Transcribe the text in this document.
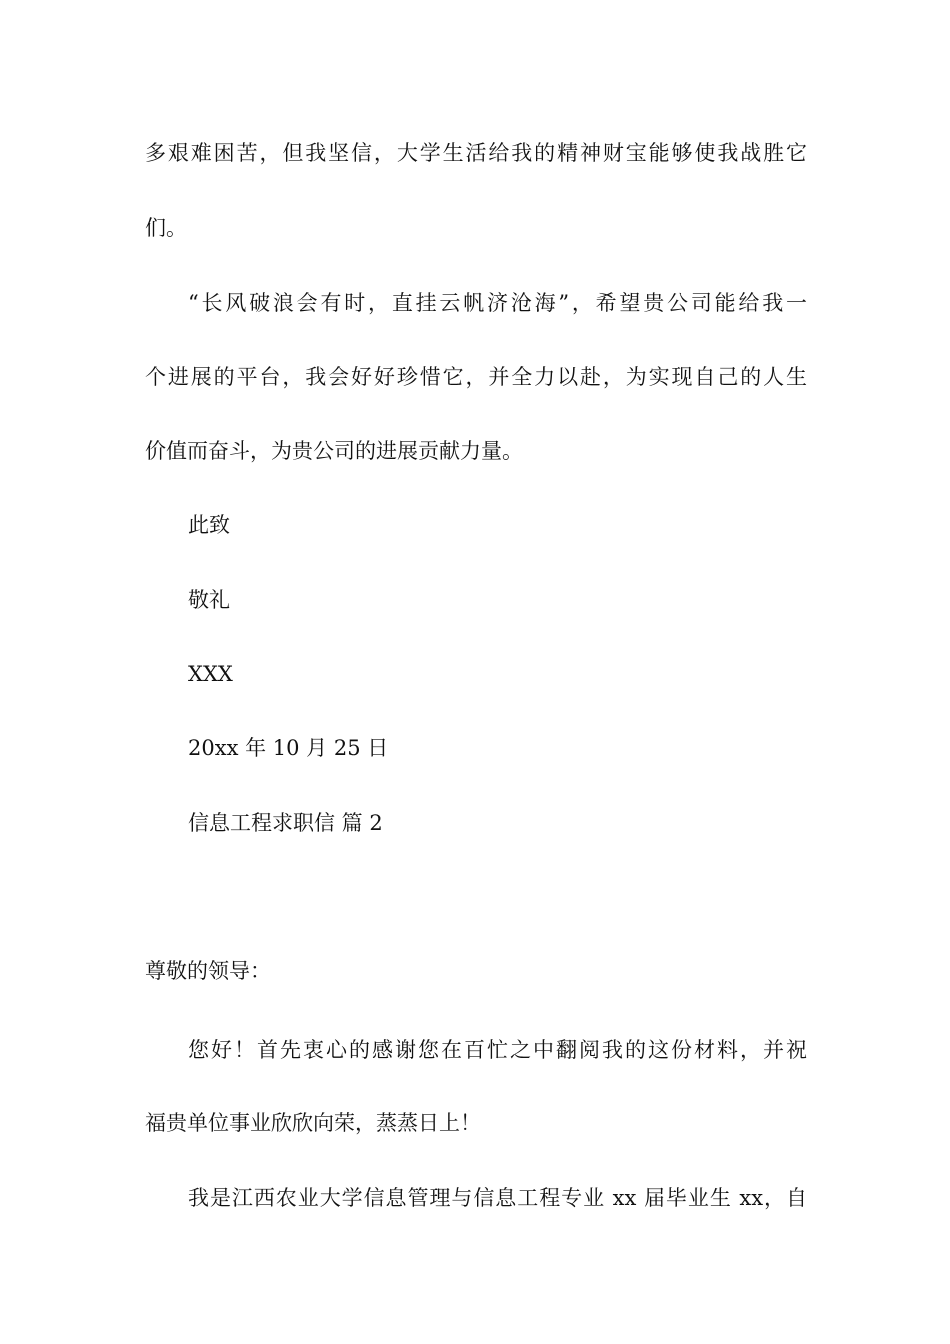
多艰难困苦，但我坚信，大学生活给我的精神财宝能够使我战胜它
们。
“长风破浪会有时，直挂云帆济沧海”，希望贵公司能给我一
个进展的平台，我会好好珍惜它，并全力以赴，为实现自己的人生
价值而奋斗，为贵公司的进展贡献力量。
此致
敬礼
XXX
20xx 年 10 月 25 日
信息工程求职信 篇 2
尊敬的领导：
您好！首先衷心的感谢您在百忙之中翻阅我的这份材料，并祝
福贵单位事业欣欣向荣，蒸蒸日上！
我是江西农业大学信息管理与信息工程专业 xx 届毕业生 xx，自
